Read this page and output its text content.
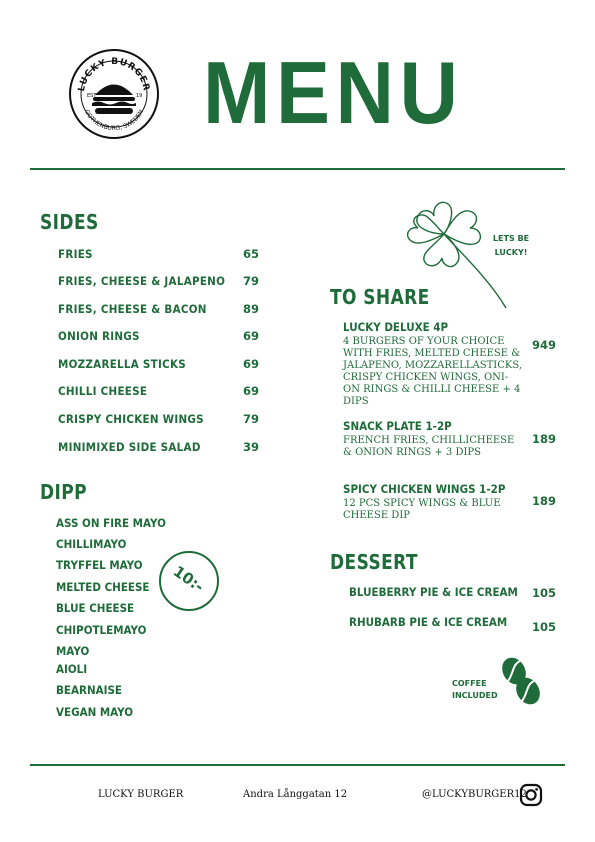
LUCKY BURGER
GOTHENBURG, SWEDEN
EST	19 MENU
SIDES
FRIES	65
FRIES, CHEESE & JALAPENO 79
FRIES, CHEESE & BACON	89
ONION RINGS	69
MOZZARELLA STICKS	69
CHILLI CHEESE	69
CRISPY CHICKEN WINGS	79
MINIMIXED SIDE SALAD	39
DIPP
ASS ON FIRE MAYO
CHILLIMAYO
TRYFFEL MAYO
MELTED CHEESE
BLUE CHEESE
CHIPOTLEMAYO
MAYO
AIOLI
BEARNAISE
VEGAN MAYO
10:-
LETS BE
LUCKY!
TO SHARE
LUCKY DELUXE 4P
4 BURGERS OF YOUR CHOICE WITH FRIES, MELTED CHEESE & JALAPENO, MOZZARELLASTICKS, CRISPY CHICKEN WINGS, ONI-ON RINGS & CHILLI CHEESE + 4 DIPS
949
SNACK PLATE 1-2P
FRENCH FRIES, CHILLICHEESE & ONION RINGS + 3 DIPS
189
SPICY CHICKEN WINGS 1-2P
12 PCS SPICY WINGS & BLUE CHEESE DIP
189
DESSERT
BLUEBERRY PIE & ICE CREAM 105
RHUBARB PIE & ICE CREAM 105
COFFEE
INCLUDED
LUCKY BURGER	Andra Långgatan 12	@LUCKYBURGER12
